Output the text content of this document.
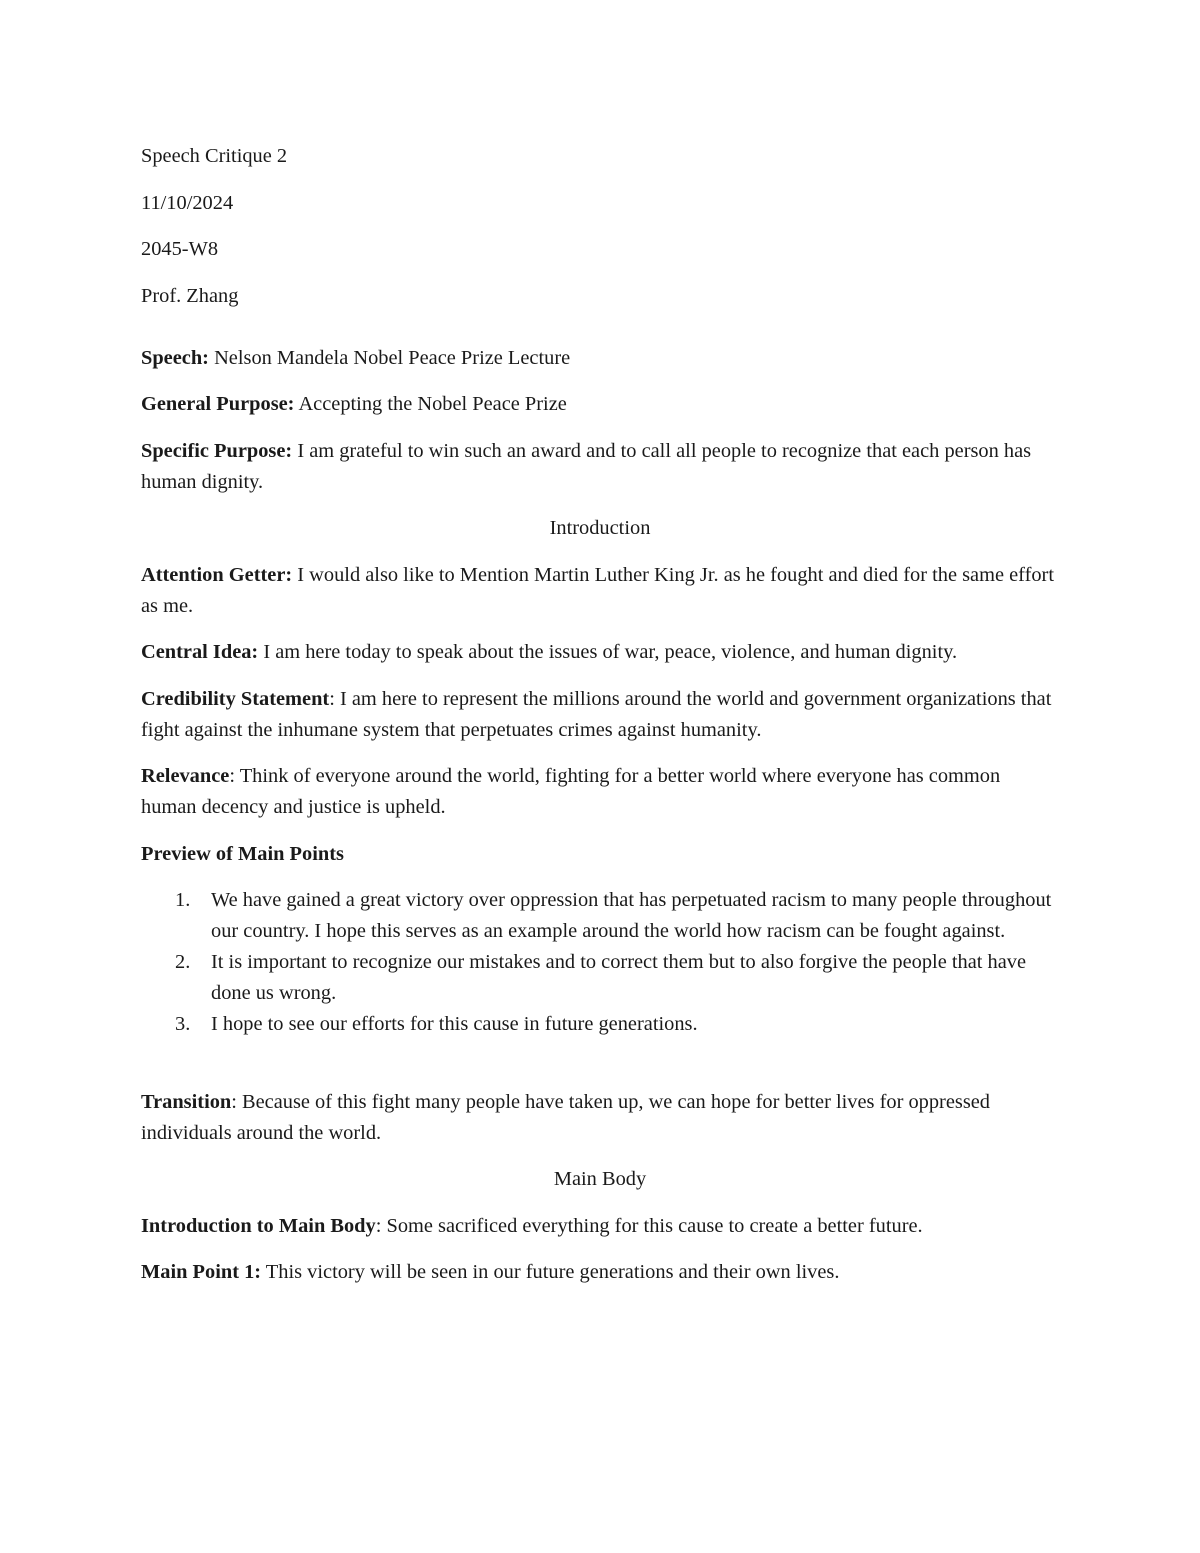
Speech Critique 2

11/10/2024

2045-W8

Prof. Zhang

Speech: Nelson Mandela Nobel Peace Prize Lecture

General Purpose: Accepting the Nobel Peace Prize

Specific Purpose: I am grateful to win such an award and to call all people to recognize that each person has human dignity.

Introduction

Attention Getter: I would also like to Mention Martin Luther King Jr. as he fought and died for the same effort as me.

Central Idea: I am here today to speak about the issues of war, peace, violence, and human dignity.

Credibility Statement: I am here to represent the millions around the world and government organizations that fight against the inhumane system that perpetuates crimes against humanity.

Relevance: Think of everyone around the world, fighting for a better world where everyone has common human decency and justice is upheld.

Preview of Main Points

1. We have gained a great victory over oppression that has perpetuated racism to many people throughout our country. I hope this serves as an example around the world how racism can be fought against.
2. It is important to recognize our mistakes and to correct them but to also forgive the people that have done us wrong.
3. I hope to see our efforts for this cause in future generations.

Transition: Because of this fight many people have taken up, we can hope for better lives for oppressed individuals around the world.

Main Body

Introduction to Main Body: Some sacrificed everything for this cause to create a better future.

Main Point 1: This victory will be seen in our future generations and their own lives.
